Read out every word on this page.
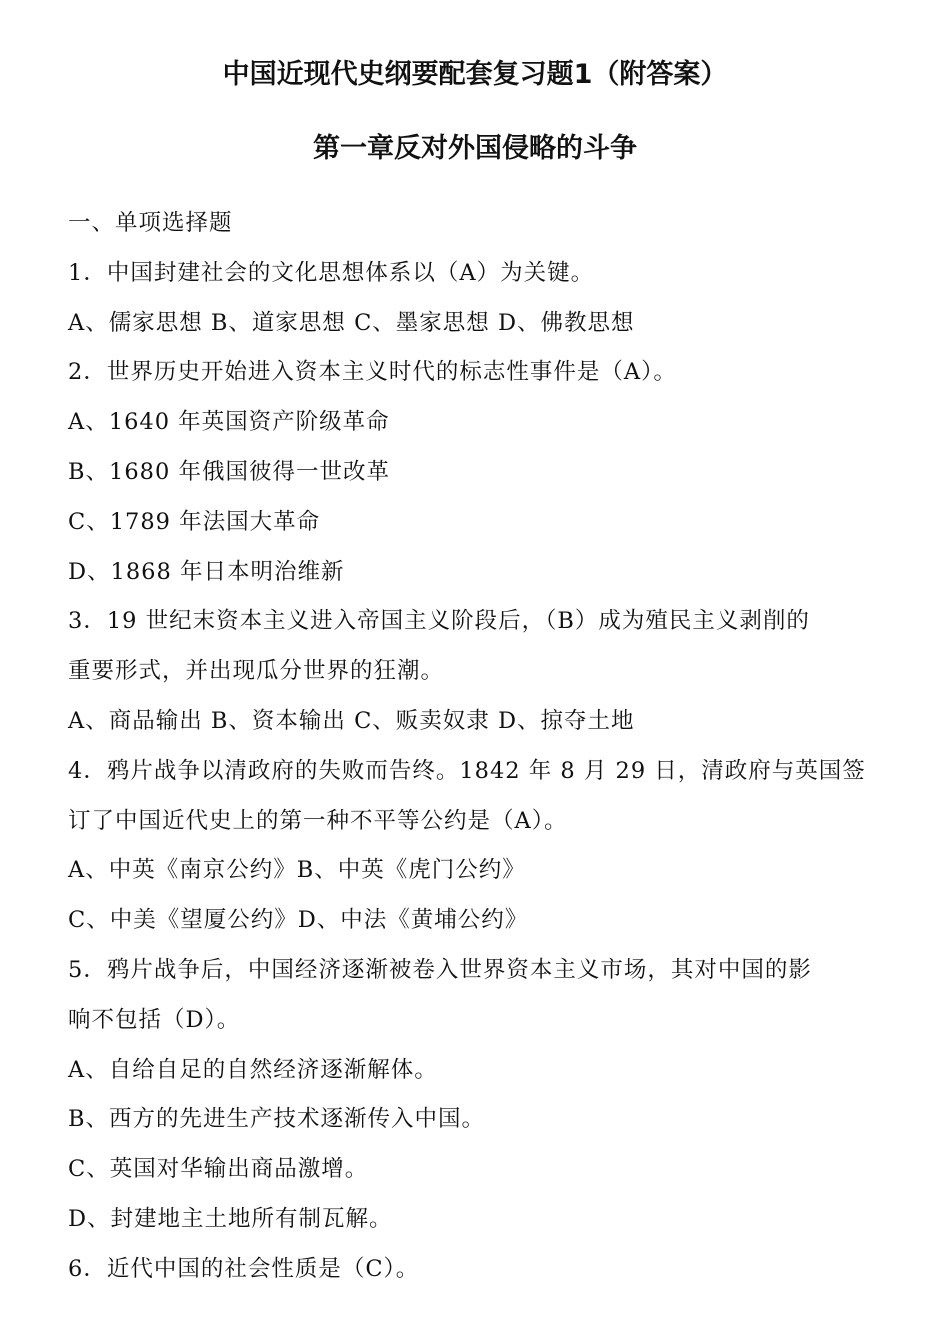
中国近现代史纲要配套复习题1（附答案）
第一章反对外国侵略的斗争
一、单项选择题
1．中国封建社会的文化思想体系以（A）为关键。
A、儒家思想 B、道家思想 C、墨家思想 D、佛教思想
2．世界历史开始进入资本主义时代的标志性事件是（A）。
A、1640 年英国资产阶级革命
B、1680 年俄国彼得一世改革
C、1789 年法国大革命
D、1868 年日本明治维新
3．19 世纪末资本主义进入帝国主义阶段后，（B）成为殖民主义剥削的
重要形式，并出现瓜分世界的狂潮。
A、商品输出 B、资本输出 C、贩卖奴隶 D、掠夺土地
4．鸦片战争以清政府的失败而告终。1842 年 8 月 29 日，清政府与英国签
订了中国近代史上的第一种不平等公约是（A）。
A、中英《南京公约》B、中英《虎门公约》
C、中美《望厦公约》D、中法《黄埔公约》
5．鸦片战争后，中国经济逐渐被卷入世界资本主义市场，其对中国的影
响不包括（D）。
A、自给自足的自然经济逐渐解体。
B、西方的先进生产技术逐渐传入中国。
C、英国对华输出商品激增。
D、封建地主土地所有制瓦解。
6．近代中国的社会性质是（C）。
